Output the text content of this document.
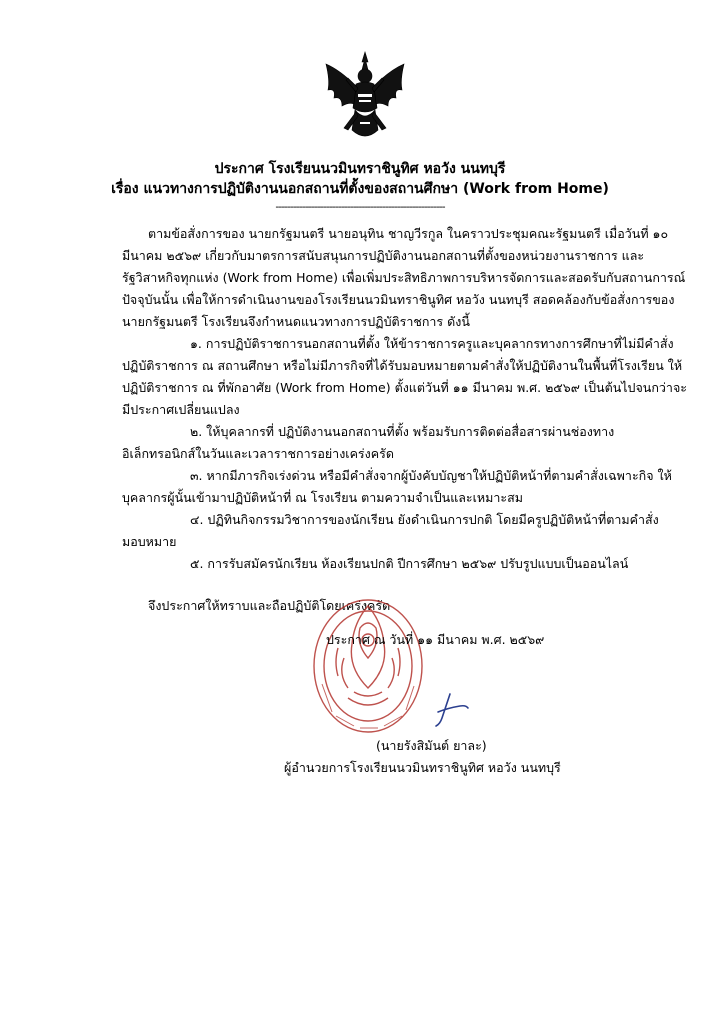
ประกาศ โรงเรียนนวมินทราชินูทิศ หอวัง นนทบุรี
เรื่อง แนวทางการปฏิบัติงานนอกสถานที่ตั้งของสถานศึกษา (Work from Home)
---------------------------------------------------------
ตามข้อสั่งการของ นายกรัฐมนตรี นายอนุทิน ชาญวีรกูล ในคราวประชุมคณะรัฐมนตรี เมื่อวันที่ ๑๐
มีนาคม ๒๕๖๙ เกี่ยวกับมาตรการสนับสนุนการปฏิบัติงานนอกสถานที่ตั้งของหน่วยงานราชการ และ
รัฐวิสาหกิจทุกแห่ง (Work from Home) เพื่อเพิ่มประสิทธิภาพการบริหารจัดการและสอดรับกับสถานการณ์
ปัจจุบันนั้น เพื่อให้การดำเนินงานของโรงเรียนนวมินทราชินูทิศ หอวัง นนทบุรี สอดคล้องกับข้อสั่งการของ
นายกรัฐมนตรี โรงเรียนจึงกำหนดแนวทางการปฏิบัติราชการ ดังนี้
๑. การปฏิบัติราชการนอกสถานที่ตั้ง ให้ข้าราชการครูและบุคลากรทางการศึกษาที่ไม่มีคำสั่ง
ปฏิบัติราชการ ณ สถานศึกษา หรือไม่มีภารกิจที่ได้รับมอบหมายตามคำสั่งให้ปฏิบัติงานในพื้นที่โรงเรียน ให้
ปฏิบัติราชการ ณ ที่พักอาศัย (Work from Home) ตั้งแต่วันที่ ๑๑ มีนาคม พ.ศ. ๒๕๖๙ เป็นต้นไปจนกว่าจะ
มีประกาศเปลี่ยนแปลง
๒. ให้บุคลากรที่ ปฏิบัติงานนอกสถานที่ตั้ง พร้อมรับการติดต่อสื่อสารผ่านช่องทาง
อิเล็กทรอนิกส์ในวันและเวลาราชการอย่างเคร่งครัด
๓. หากมีภารกิจเร่งด่วน หรือมีคำสั่งจากผู้บังคับบัญชาให้ปฏิบัติหน้าที่ตามคำสั่งเฉพาะกิจ ให้
บุคลากรผู้นั้นเข้ามาปฏิบัติหน้าที่ ณ โรงเรียน ตามความจำเป็นและเหมาะสม
๔. ปฏิทินกิจกรรมวิชาการของนักเรียน ยังดำเนินการปกติ โดยมีครูปฏิบัติหน้าที่ตามคำสั่ง
มอบหมาย
๕. การรับสมัครนักเรียน ห้องเรียนปกติ ปีการศึกษา ๒๕๖๙ ปรับรูปแบบเป็นออนไลน์
จึงประกาศให้ทราบและถือปฏิบัติโดยเคร่งครัด
ประกาศ ณ วันที่ ๑๑ มีนาคม พ.ศ. ๒๕๖๙
(นายรังสิมันต์ ยาละ)
ผู้อำนวยการโรงเรียนนวมินทราชินูทิศ หอวัง นนทบุรี
